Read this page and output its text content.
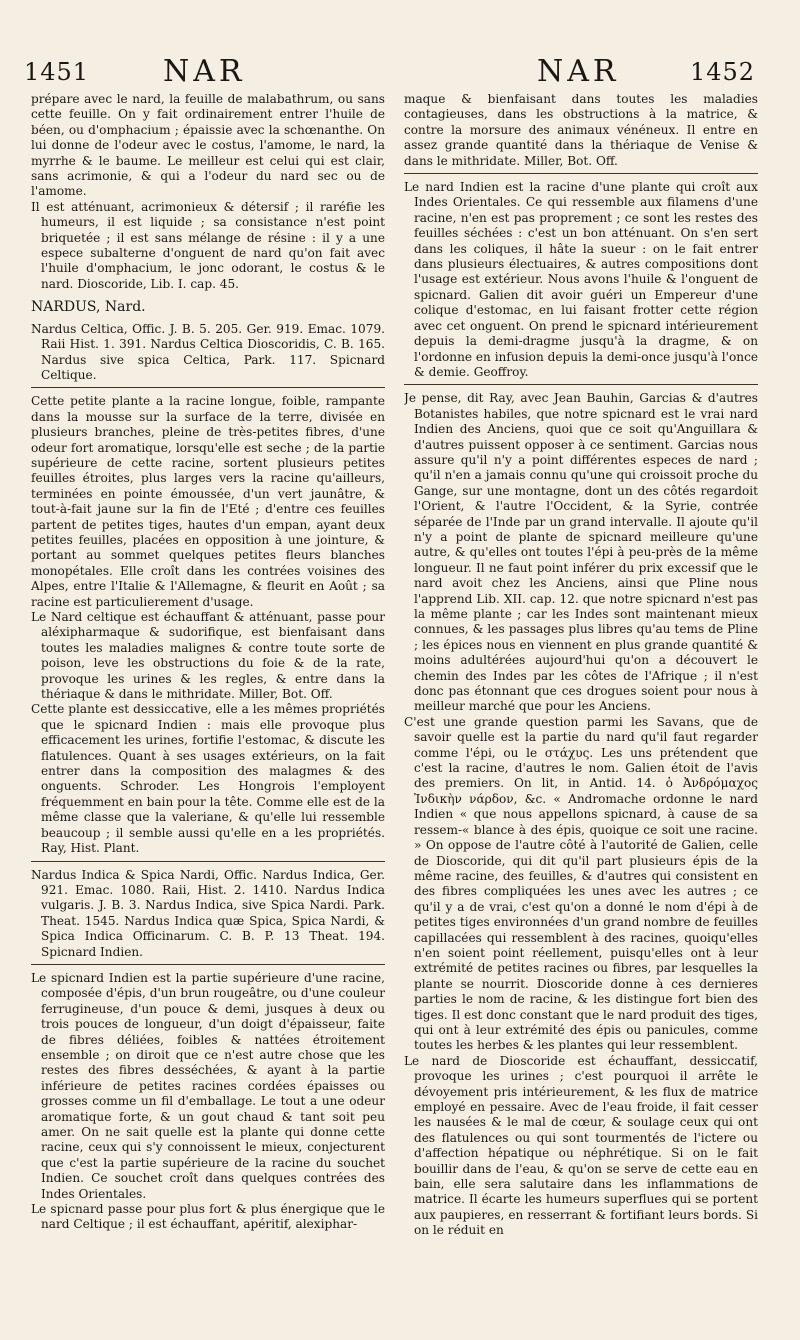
1451 NAR	NAR	1452

prépare avec le nard, la feuille de malabathrum, ou sans cette feuille. On y fait ordinairement entrer l'huile de béen, ou d'omphacium ; épaissie avec la schœnanthe. On lui donne de l'odeur avec le costus, l'amome, le nard, la myrrhe & le baume. Le meilleur est celui qui est clair, sans acrimonie, & qui a l'odeur du nard sec ou de l'amome.

Il est atténuant, acrimonieux & détersif ; il raréfie les humeurs, il est liquide ; sa consistance n'est point briquetée ; il est sans mélange de résine : il y a une espece subalterne d'onguent de nard qu'on fait avec l'huile d'omphacium, le jonc odorant, le costus & le nard. Dioscoride, Lib. I. cap. 45.

NARDUS, Nard.

Nardus Celtica, Offic. J. B. 5. 205. Ger. 919. Emac. 1079. Raii Hist. 1. 391. Nardus Celtica Dioscoridis, C. B. 165. Nardus sive spica Celtica, Park. 117. Spicnard Celtique.

Cette petite plante a la racine longue, foible, rampante dans la mousse sur la surface de la terre, divisée en plusieurs branches, pleine de très-petites fibres, d'une odeur fort aromatique, lorsqu'elle est seche ; de la partie supérieure de cette racine, sortent plusieurs petites feuilles étroites, plus larges vers la racine qu'ailleurs, terminées en pointe émoussée, d'un vert jaunâtre, & tout-à-fait jaune sur la fin de l'Eté ; d'entre ces feuilles partent de petites tiges, hautes d'un empan, ayant deux petites feuilles, placées en opposition à une jointure, & portant au sommet quelques petites fleurs blanches monopétales. Elle croît dans les contrées voisines des Alpes, entre l'Italie & l'Allemagne, & fleurit en Août ; sa racine est particulierement d'usage.

Le Nard celtique est échauffant & atténuant, passe pour aléxipharmaque & sudorifique, est bienfaisant dans toutes les maladies malignes & contre toute sorte de poison, leve les obstructions du foie & de la rate, provoque les urines & les regles, & entre dans la thériaque & dans le mithridate. Miller, Bot. Off.

Cette plante est dessiccative, elle a les mêmes propriétés que le spicnard Indien : mais elle provoque plus efficacement les urines, fortifie l'estomac, & discute les flatulences. Quant à ses usages extérieurs, on la fait entrer dans la composition des malagmes & des onguents. Schroder. Les Hongrois l'employent fréquemment en bain pour la tête. Comme elle est de la même classe que la valeriane, & qu'elle lui ressemble beaucoup ; il semble aussi qu'elle en a les propriétés. Ray, Hist. Plant.

Nardus Indica & Spica Nardi, Offic. Nardus Indica, Ger. 921. Emac. 1080. Raii, Hist. 2. 1410. Nardus Indica vulgaris. J. B. 3. Nardus Indica, sive Spica Nardi. Park. Theat. 1545. Nardus Indica quæ Spica, Spica Nardi, & Spica Indica Officinarum. C. B. P. 13 Theat. 194. Spicnard Indien.

Le spicnard Indien est la partie supérieure d'une racine, composée d'épis, d'un brun rougeâtre, ou d'une couleur ferrugineuse, d'un pouce & demi, jusques à deux ou trois pouces de longueur, d'un doigt d'épaisseur, faite de fibres déliées, foibles & nattées étroitement ensemble ; on diroit que ce n'est autre chose que les restes des fibres desséchées, & ayant à la partie inférieure de petites racines cordées épaisses ou grosses comme un fil d'emballage. Le tout a une odeur aromatique forte, & un gout chaud & tant soit peu amer. On ne sait quelle est la plante qui donne cette racine, ceux qui s'y connoissent le mieux, conjecturent que c'est la partie supérieure de la racine du souchet Indien. Ce souchet croît dans quelques contrées des Indes Orientales.

Le spicnard passe pour plus fort & plus énergique que le nard Celtique ; il est échauffant, apéritif, alexiphar-

maque & bienfaisant dans toutes les maladies contagieuses, dans les obstructions à la matrice, & contre la morsure des animaux vénéneux. Il entre en assez grande quantité dans la thériaque de Venise & dans le mithridate. Miller, Bot. Off.

Le nard Indien est la racine d'une plante qui croît aux Indes Orientales. Ce qui ressemble aux filamens d'une racine, n'en est pas proprement ; ce sont les restes des feuilles séchées : c'est un bon atténuant. On s'en sert dans les coliques, il hâte la sueur : on le fait entrer dans plusieurs électuaires, & autres compositions dont l'usage est extérieur. Nous avons l'huile & l'onguent de spicnard. Galien dit avoir guéri un Empereur d'une colique d'estomac, en lui faisant frotter cette région avec cet onguent. On prend le spicnard intérieurement depuis la demi-dragme jusqu'à la dragme, & on l'ordonne en infusion depuis la demi-once jusqu'à l'once & demie. Geoffroy.

Je pense, dit Ray, avec Jean Bauhin, Garcias & d'autres Botanistes habiles, que notre spicnard est le vrai nard Indien des Anciens, quoi que ce soit qu'Anguillara & d'autres puissent opposer à ce sentiment. Garcias nous assure qu'il n'y a point différentes especes de nard ; qu'il n'en a jamais connu qu'une qui croissoit proche du Gange, sur une montagne, dont un des côtés regardoit l'Orient, & l'autre l'Occident, & la Syrie, contrée séparée de l'Inde par un grand intervalle. Il ajoute qu'il n'y a point de plante de spicnard meilleure qu'une autre, & qu'elles ont toutes l'épi à peu-près de la même longueur. Il ne faut point inférer du prix excessif que le nard avoit chez les Anciens, ainsi que Pline nous l'apprend Lib. XII. cap. 12. que notre spicnard n'est pas la même plante ; car les Indes sont maintenant mieux connues, & les passages plus libres qu'au tems de Pline ; les épices nous en viennent en plus grande quantité & moins adultérées aujourd'hui qu'on a découvert le chemin des Indes par les côtes de l'Afrique ; il n'est donc pas étonnant que ces drogues soient pour nous à meilleur marché que pour les Anciens.

C'est une grande question parmi les Savans, que de savoir quelle est la partie du nard qu'il faut regarder comme l'épi, ou le στάχυς. Les uns prétendent que c'est la racine, d'autres le nom. Galien étoit de l'avis des premiers. On lit, in Antid. 14. ὁ Ἀνδρόμαχος Ἰνδικὴν νάρδον, &c. « Andromache ordonne le nard Indien « que nous appellons spicnard, à cause de sa ressem-« blance à des épis, quoique ce soit une racine. » On oppose de l'autre côté à l'autorité de Galien, celle de Dioscoride, qui dit qu'il part plusieurs épis de la même racine, des feuilles, & d'autres qui consistent en des fibres compliquées les unes avec les autres ; ce qu'il y a de vrai, c'est qu'on a donné le nom d'épi à de petites tiges environnées d'un grand nombre de feuilles capillacées qui ressemblent à des racines, quoiqu'elles n'en soient point réellement, puisqu'elles ont à leur extrémité de petites racines ou fibres, par lesquelles la plante se nourrit. Dioscoride donne à ces dernieres parties le nom de racine, & les distingue fort bien des tiges. Il est donc constant que le nard produit des tiges, qui ont à leur extrémité des épis ou panicules, comme toutes les herbes & les plantes qui leur ressemblent.

Le nard de Dioscoride est échauffant, dessiccatif, provoque les urines ; c'est pourquoi il arrête le dévoyement pris intérieurement, & les flux de matrice employé en pessaire. Avec de l'eau froide, il fait cesser les nausées & le mal de cœur, & soulage ceux qui ont des flatulences ou qui sont tourmentés de l'ictere ou d'affection hépatique ou néphrétique. Si on le fait bouillir dans de l'eau, & qu'on se serve de cette eau en bain, elle sera salutaire dans les inflammations de matrice. Il écarte les humeurs superflues qui se portent aux paupieres, en resserrant & fortifiant leurs bords. Si on le réduit en
